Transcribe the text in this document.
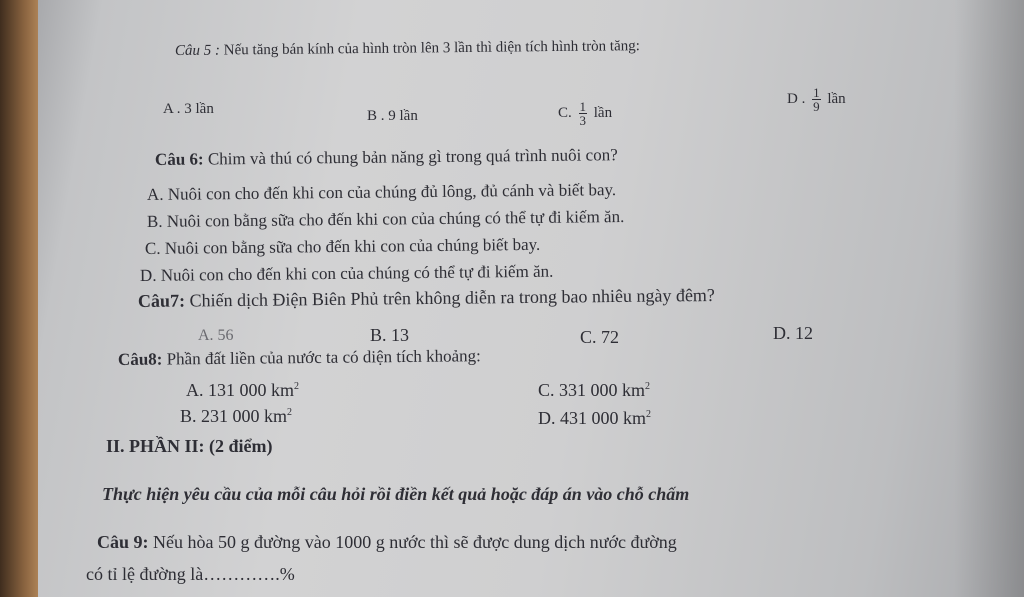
Câu 5 : Nếu tăng bán kính của hình tròn lên 3 lần thì diện tích hình tròn tăng:
A . 3 lần	B . 9 lần	C. $\frac{1}{3}$ lần
D . $\frac{1}{9}$ lần
Câu 6: Chim và thú có chung bản năng gì trong quá trình nuôi con?
A. Nuôi con cho đến khi con của chúng đủ lông, đủ cánh và biết bay.
B. Nuôi con bằng sữa cho đến khi con của chúng có thể tự đi kiếm ăn.
C. Nuôi con bằng sữa cho đến khi con của chúng biết bay.
D. Nuôi con cho đến khi con của chúng có thể tự đi kiếm ăn.
Câu7: Chiến dịch Điện Biên Phủ trên không diễn ra trong bao nhiêu ngày đêm?
A. 56	B. 13	C. 72	D. 12
Câu8: Phần đất liền của nước ta có diện tích khoảng:
A. 131 000 $km^2$	C. 331 000 $km^2$
B. 231 000 $km^2$	D. 431 000 $km^2$
II. PHẦN II: (2 điểm)
Thực hiện yêu cầu của mỗi câu hỏi rồi điền kết quả hoặc đáp án vào chỗ chấm
Câu 9: Nếu hòa 50 g đường vào 1000 g nước thì sẽ được dung dịch nước đường
có tỉ lệ đường là………….%
